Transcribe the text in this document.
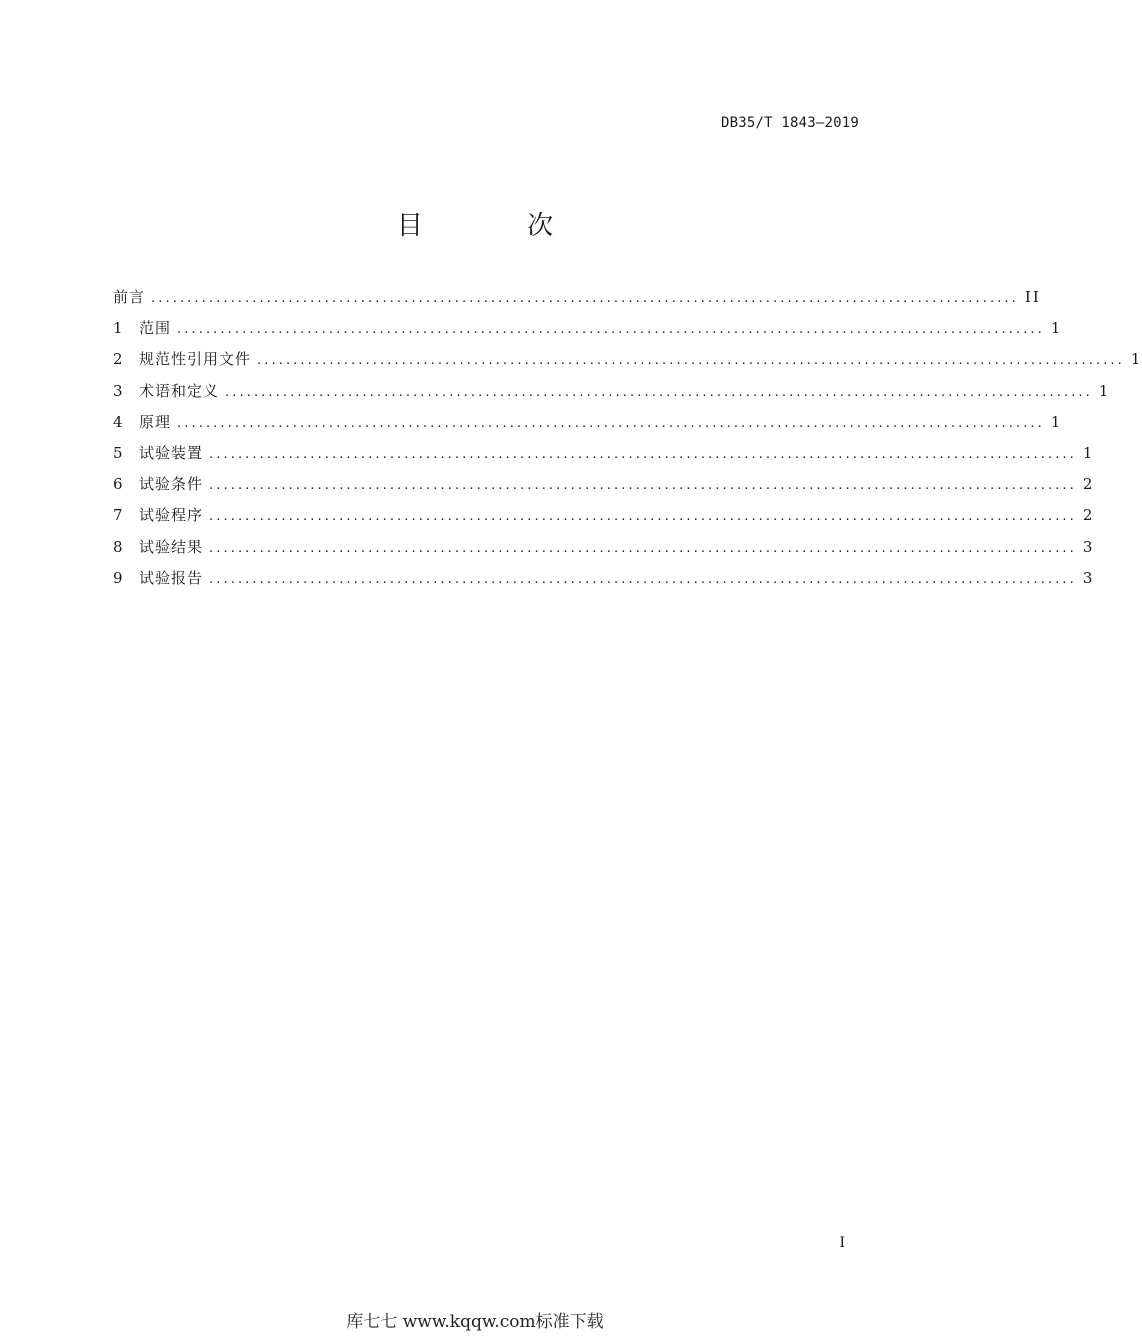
DB35/T 1843—2019
目 次
前言 ........................................................................................................................ II
1	范围 ........................................................................................................................ 1
2	规范性引用文件 ........................................................................................................................ 1
3	术语和定义 ........................................................................................................................ 1
4	原理 ........................................................................................................................ 1
5	试验装置 ........................................................................................................................ 1
6	试验条件 ........................................................................................................................ 2
7	试验程序 ........................................................................................................................ 2
8	试验结果 ........................................................................................................................ 3
9	试验报告 ........................................................................................................................ 3
I
库七七 www.kqqw.com标准下载
